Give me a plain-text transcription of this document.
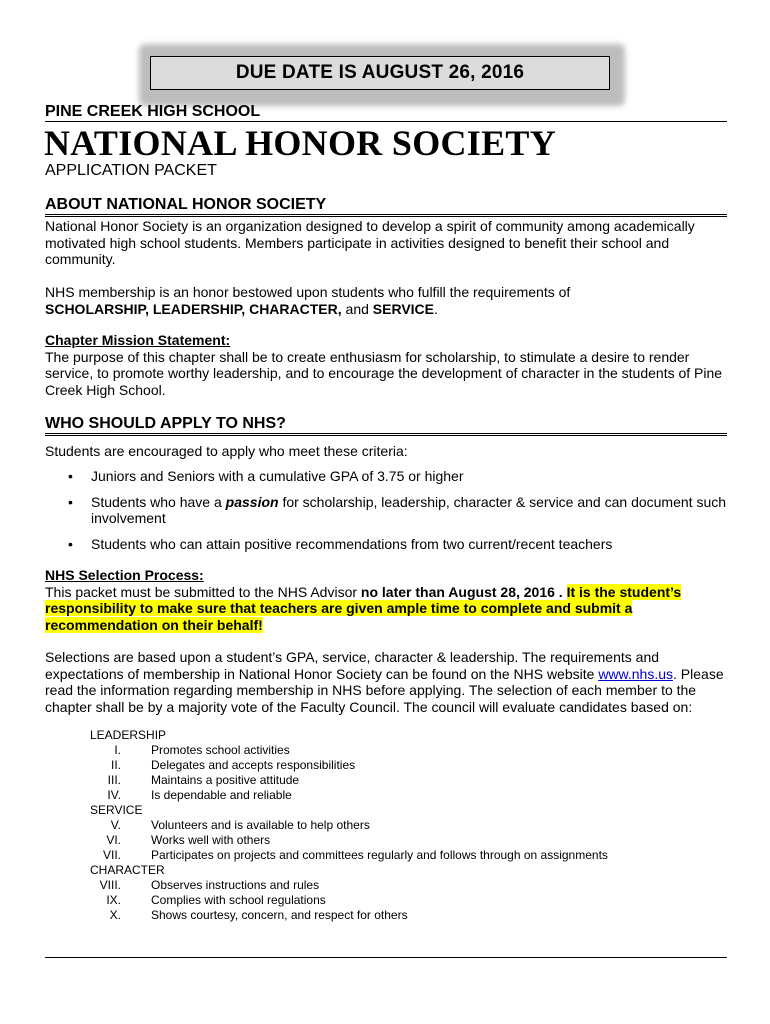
DUE DATE IS AUGUST 26, 2016
PINE CREEK HIGH SCHOOL
NATIONAL HONOR SOCIETY
APPLICATION PACKET
ABOUT NATIONAL HONOR SOCIETY
National Honor Society is an organization designed to develop a spirit of community among academically motivated high school students. Members participate in activities designed to benefit their school and community.
NHS membership is an honor bestowed upon students who fulfill the requirements of
SCHOLARSHIP, LEADERSHIP, CHARACTER, and SERVICE.
Chapter Mission Statement:
The purpose of this chapter shall be to create enthusiasm for scholarship, to stimulate a desire to render service, to promote worthy leadership, and to encourage the development of character in the students of Pine Creek High School.
WHO SHOULD APPLY TO NHS?
Students are encouraged to apply who meet these criteria:
• Juniors and Seniors with a cumulative GPA of 3.75 or higher
• Students who have a passion for scholarship, leadership, character & service and can document such involvement
• Students who can attain positive recommendations from two current/recent teachers
NHS Selection Process:
This packet must be submitted to the NHS Advisor no later than August 28, 2016 . It is the student’s responsibility to make sure that teachers are given ample time to complete and submit a recommendation on their behalf!
Selections are based upon a student’s GPA, service, character & leadership. The requirements and expectations of membership in National Honor Society can be found on the NHS website www.nhs.us. Please read the information regarding membership in NHS before applying. The selection of each member to the chapter shall be by a majority vote of the Faculty Council. The council will evaluate candidates based on:
LEADERSHIP
I.	Promotes school activities
II.	Delegates and accepts responsibilities
III.	Maintains a positive attitude
IV.	Is dependable and reliable
SERVICE
V.	Volunteers and is available to help others
VI.	Works well with others
VII.	Participates on projects and committees regularly and follows through on assignments
CHARACTER
VIII.	Observes instructions and rules
IX.	Complies with school regulations
X.	Shows courtesy, concern, and respect for others
